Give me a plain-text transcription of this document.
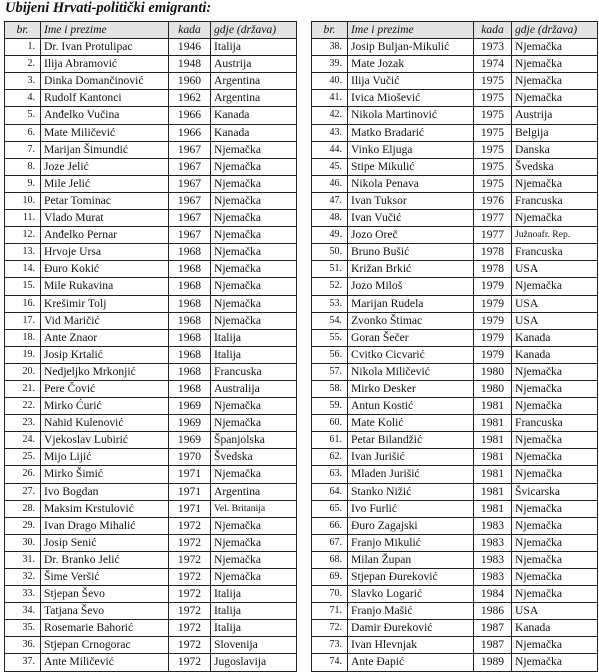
Ubijeni Hrvati-politički emigranti:
br.	Ime i prezime	kada	gdje (država)
1.	Dr. Ivan Protulipac	1946	Italija
2.	Ilija Abramović	1948	Austrija
3.	Dinka Domančinović	1960	Argentina
4.	Rudolf Kantonci	1962	Argentina
5.	Anđelko Vučina	1966	Kanada
6.	Mate Miličević	1966	Kanada
7.	Marijan Šimundić	1967	Njemačka
8.	Joze Jelić	1967	Njemačka
9.	Mile Jelić	1967	Njemačka
10.	Petar Tominac	1967	Njemačka
11.	Vlado Murat	1967	Njemačka
12.	Anđelko Pernar	1967	Njemačka
13.	Hrvoje Ursa	1968	Njemačka
14.	Đuro Kokić	1968	Njemačka
15.	Mile Rukavina	1968	Njemačka
16.	Krešimir Tolj	1968	Njemačka
17.	Vid Maričić	1968	Njemačka
18.	Ante Znaor	1968	Italija
19.	Josip Krtalić	1968	Italija
20.	Nedjeljko Mrkonjić	1968	Francuska
21.	Pere Čović	1968	Australija
22.	Mirko Ćurić	1969	Njemačka
23.	Nahid Kulenović	1969	Njemačka
24.	Vjekoslav Lubirić	1969	Španjolska
25.	Mijo Lijić	1970	Švedska
26.	Mirko Šimić	1971	Njemačka
27.	Ivo Bogdan	1971	Argentina
28.	Maksim Krstulović	1971	Vel. Britanija
29.	Ivan Drago Mihalić	1972	Njemačka
30.	Josip Senić	1972	Njemačka
31.	Dr. Branko Jelić	1972	Njemačka
32.	Šime Veršić	1972	Njemačka
33.	Stjepan Ševo	1972	Italija
34.	Tatjana Ševo	1972	Italija
35.	Rosemarie Bahorić	1972	Italija
36.	Stjepan Crnogorac	1972	Slovenija
37.	Ante Miličević	1972	Jugoslavija
br.	Ime i prezime	kada	gdje (država)
38.	Josip Buljan-Mikulić	1973	Njemačka
39.	Mate Jozak	1974	Njemačka
40.	Ilija Vučić	1975	Njemačka
41.	Ivica Miošević	1975	Njemačka
42.	Nikola Martinović	1975	Austrija
43.	Matko Bradarić	1975	Belgija
44.	Vinko Eljuga	1975	Danska
45.	Stipe Mikulić	1975	Švedska
46.	Nikola Penava	1975	Njemačka
47.	Ivan Tuksor	1976	Francuska
48.	Ivan Vučić	1977	Njemačka
49.	Jozo Oreč	1977	Južnoafr. Rep.
50.	Bruno Bušić	1978	Francuska
51.	Križan Brkić	1978	USA
52.	Jozo Miloš	1979	Njemačka
53.	Marijan Rudela	1979	USA
54.	Zvonko Štimac	1979	USA
55.	Goran Šečer	1979	Kanada
56.	Cvitko Cicvarić	1979	Kanada
57.	Nikola Miličević	1980	Njemačka
58.	Mirko Desker	1980	Njemačka
59.	Antun Kostić	1981	Njemačka
60.	Mate Kolić	1981	Francuska
61.	Petar Bilandžić	1981	Njemačka
62.	Ivan Jurišić	1981	Njemačka
63.	Mladen Jurišić	1981	Njemačka
64.	Stanko Nižić	1981	Švicarska
65.	Ivo Furlić	1981	Njemačka
66.	Đuro Zagajski	1983	Njemačka
67.	Franjo Mikulić	1983	Njemačka
68.	Milan Župan	1983	Njemačka
69.	Stjepan Đureković	1983	Njemačka
70.	Slavko Logarić	1984	Njemačka
71.	Franjo Mašić	1986	USA
72.	Damir Đureković	1987	Kanada
73.	Ivan Hlevnjak	1987	Njemačka
74.	Ante Đapić	1989	Njemačka
